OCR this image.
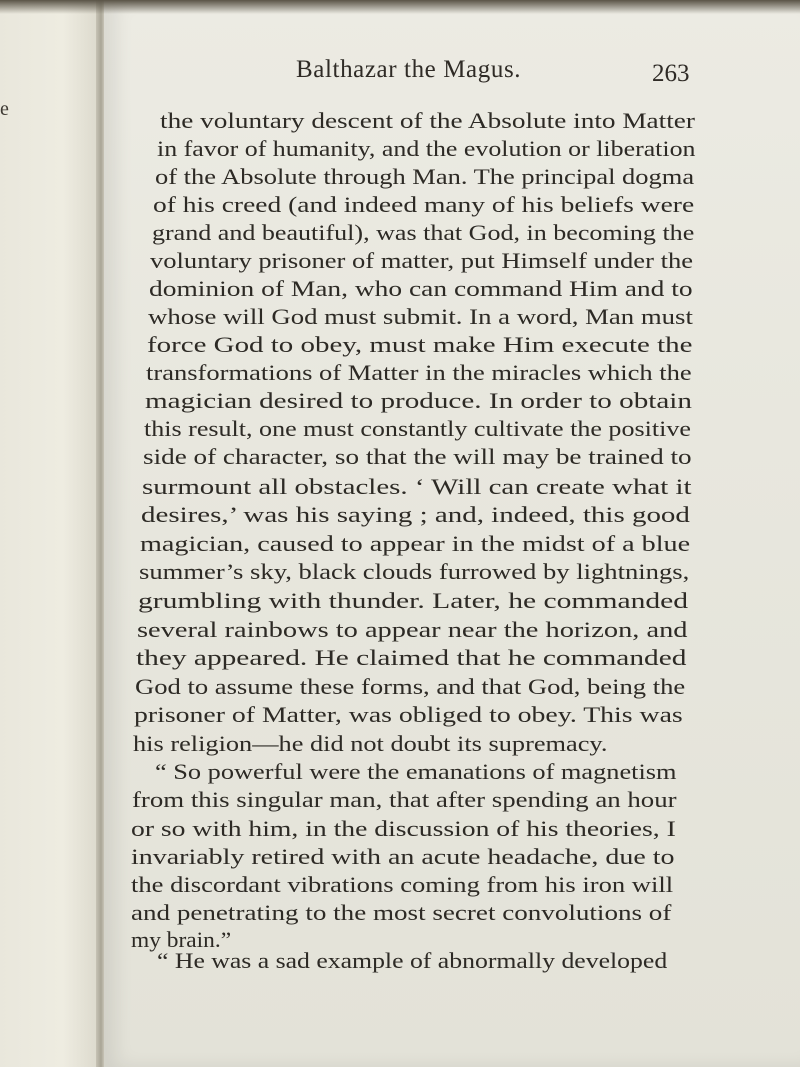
e
Balthazar the Magus.	263
the voluntary descent of the Absolute into Matter
in favor of humanity, and the evolution or liberation
of the Absolute through Man. The principal dogma
of his creed (and indeed many of his beliefs were
grand and beautiful), was that God, in becoming the
voluntary prisoner of matter, put Himself under the
dominion of Man, who can command Him and to
whose will God must submit. In a word, Man must
force God to obey, must make Him execute the
transformations of Matter in the miracles which the
magician desired to produce. In order to obtain
this result, one must constantly cultivate the positive
side of character, so that the will may be trained to
surmount all obstacles. ‘ Will can create what it
desires,’ was his saying ; and, indeed, this good
magician, caused to appear in the midst of a blue
summer’s sky, black clouds furrowed by lightnings,
grumbling with thunder. Later, he commanded
several rainbows to appear near the horizon, and
they appeared. He claimed that he commanded
God to assume these forms, and that God, being the
prisoner of Matter, was obliged to obey. This was
his religion—he did not doubt its supremacy.
“ So powerful were the emanations of magnetism
from this singular man, that after spending an hour
or so with him, in the discussion of his theories, I
invariably retired with an acute headache, due to
the discordant vibrations coming from his iron will
and penetrating to the most secret convolutions of
my brain.”
“ He was a sad example of abnormally developed
